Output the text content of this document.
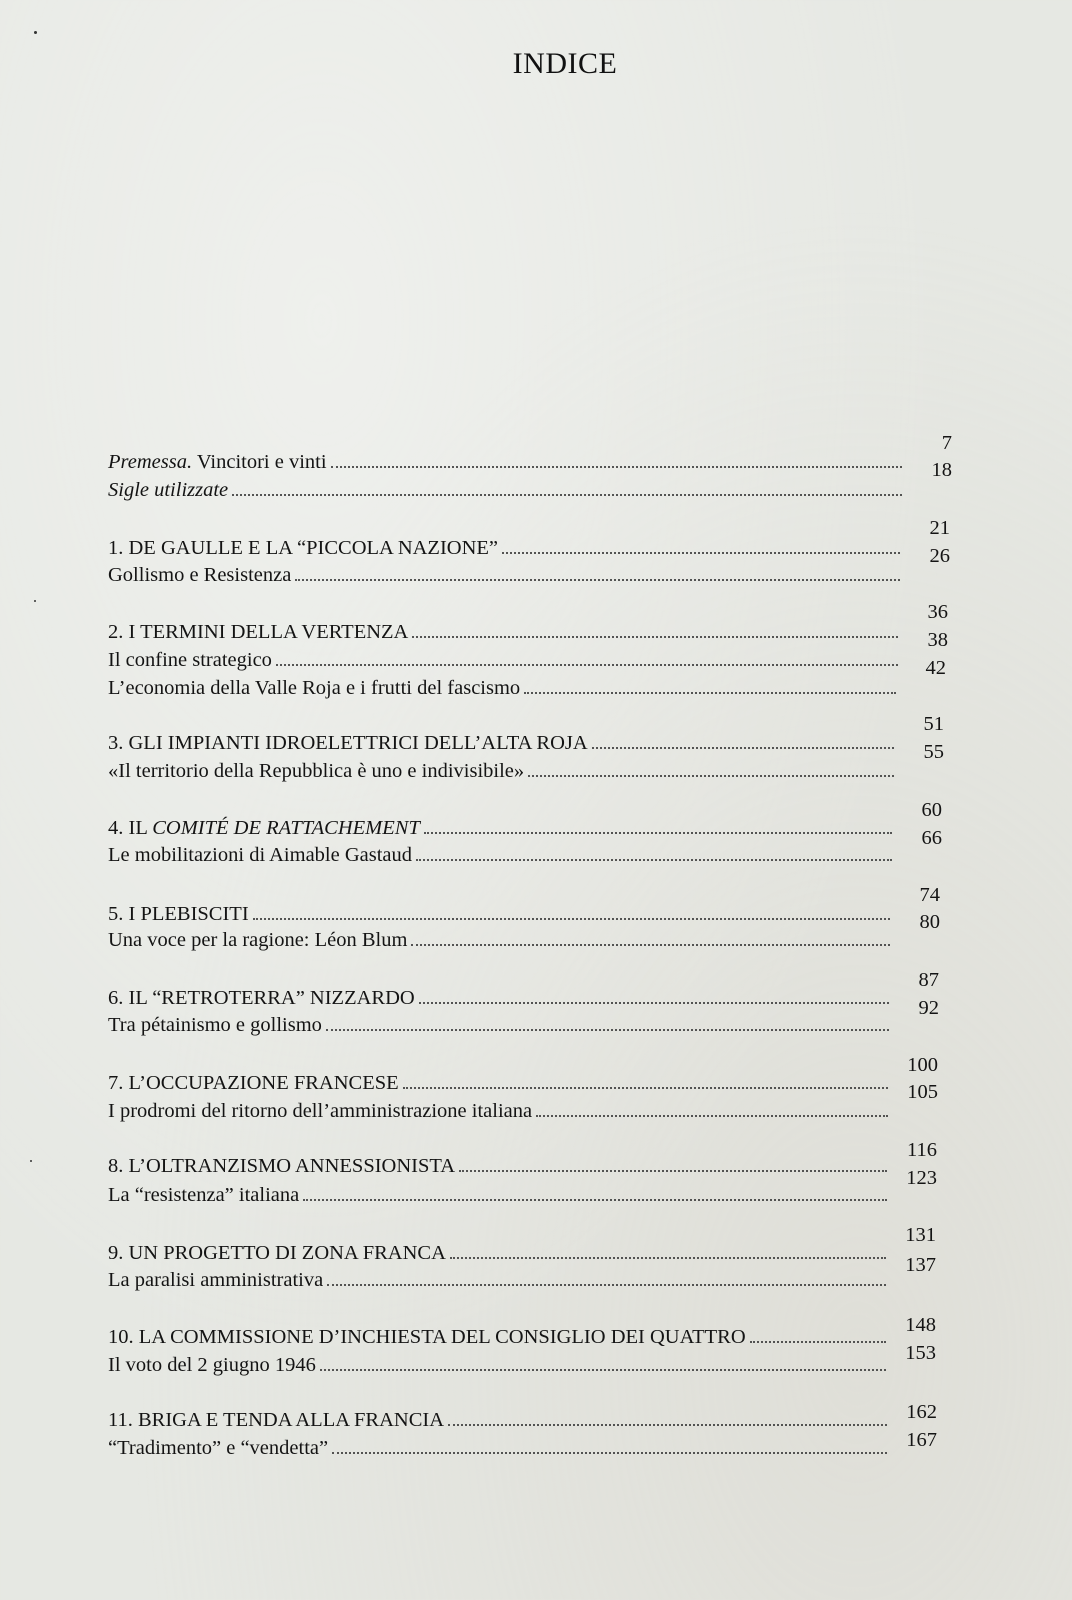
INDICE
Premessa. Vincitori e vinti
7
Sigle utilizzate
18
1. DE GAULLE E LA “PICCOLA NAZIONE”
21
Gollismo e Resistenza
26
2. I TERMINI DELLA VERTENZA
36
Il confine strategico
38
L’economia della Valle Roja e i frutti del fascismo
42
3. GLI IMPIANTI IDROELETTRICI DELL’ALTA ROJA
51
«Il territorio della Repubblica è uno e indivisibile»
55
4. IL COMITÉ DE RATTACHEMENT
60
Le mobilitazioni di Aimable Gastaud
66
5. I PLEBISCITI
74
Una voce per la ragione: Léon Blum
80
6. IL “RETROTERRA” NIZZARDO
87
Tra pétainismo e gollismo
92
7. L’OCCUPAZIONE FRANCESE
100
I prodromi del ritorno dell’amministrazione italiana
105
8. L’OLTRANZISMO ANNESSIONISTA
116
La “resistenza” italiana
123
9. UN PROGETTO DI ZONA FRANCA
131
La paralisi amministrativa
137
10. LA COMMISSIONE D’INCHIESTA DEL CONSIGLIO DEI QUATTRO
148
Il voto del 2 giugno 1946
153
11. BRIGA E TENDA ALLA FRANCIA	162
“Tradimento” e “vendetta”	167
